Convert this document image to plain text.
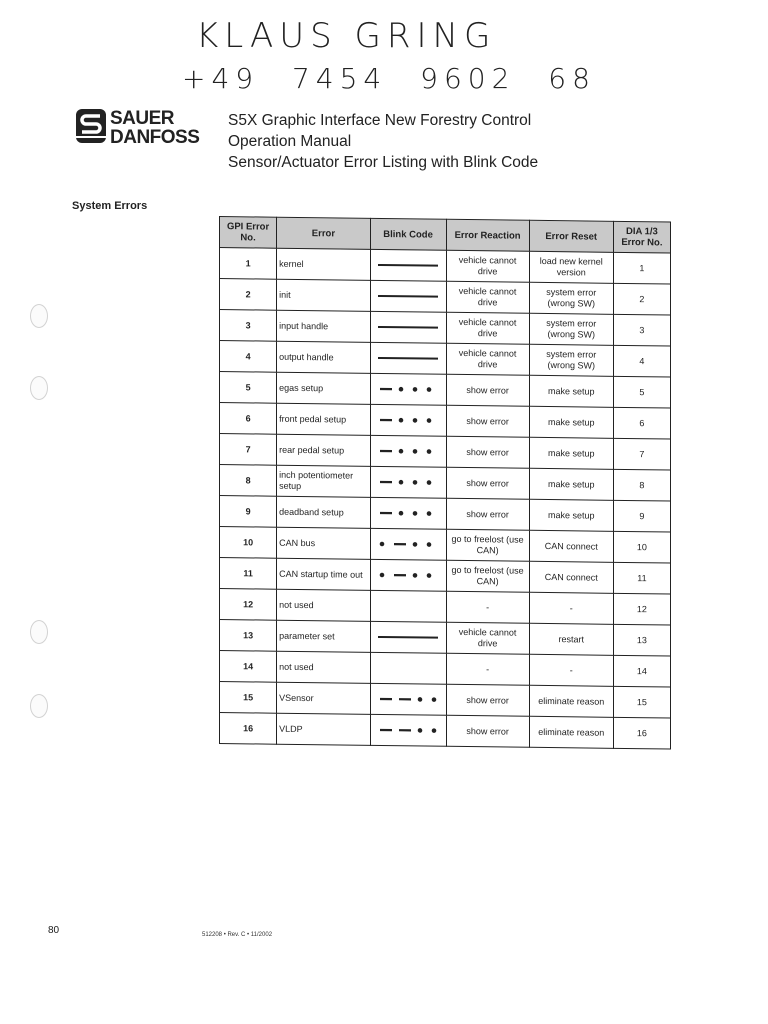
KLAUS GRING
+49 7454 9602 68
SAUER
DANFOSS
S5X Graphic Interface New Forestry Control
Operation Manual
Sensor/Actuator Error Listing with Blink Code
System Errors
GPI Error No.	Error	Blink Code	Error Reaction	Error Reset	DIA 1/3 Error No.
1	kernel		vehicle cannot drive	load new kernel version	1
2	init		vehicle cannot drive	system error (wrong SW)	2
3	input handle		vehicle cannot drive	system error (wrong SW)	3
4	output handle		vehicle cannot drive	system error (wrong SW)	4
5	egas setup		show error	make setup	5
6	front pedal setup		show error	make setup	6
7	rear pedal setup		show error	make setup	7
8	inch potentiometer setup		show error	make setup	8
9	deadband setup		show error	make setup	9
10	CAN bus		go to freelost (use CAN)	CAN connect	10
11	CAN startup time out		go to freelost (use CAN)	CAN connect	11
12	not used		-	-	12
13	parameter set		vehicle cannot drive	restart	13
14	not used		-	-	14
15	VSensor		show error	eliminate reason	15
16	VLDP		show error	eliminate reason	16
80	512208 • Rev. C • 11/2002
